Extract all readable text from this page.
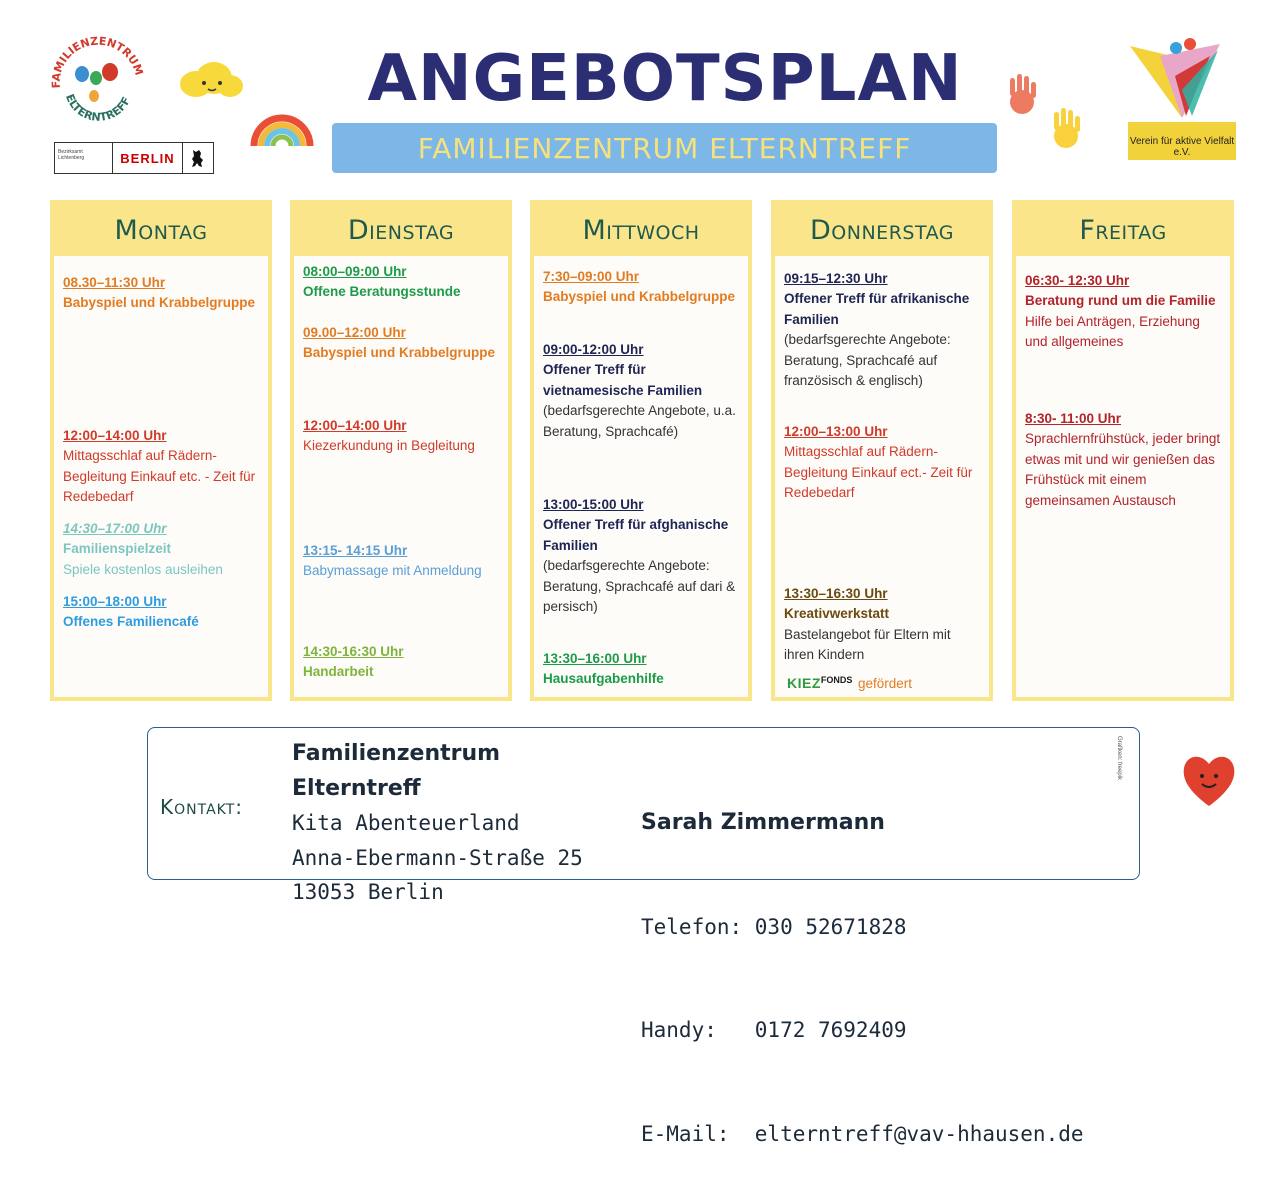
FAMILIENZENTRUM
ELTERNTREFF
Bezirksamt Lichtenberg	BERLIN
ANGEBOTSPLAN
FAMILIENZENTRUM ELTERNTREFF	Verein für aktive Vielfalt e.V.
Montag
08.30–11:30 Uhr
Babyspiel und Krabbelgruppe
12:00–14:00 Uhr
Mittagsschlaf auf Rädern-Begleitung Einkauf etc. - Zeit für Redebedarf
14:30–17:00 Uhr
Familienspielzeit
Spiele kostenlos ausleihen
15:00–18:00 Uhr
Offenes Familiencafé
Dienstag
08:00–09:00 Uhr
Offene Beratungsstunde
09.00–12:00 Uhr
Babyspiel und Krabbelgruppe
12:00–14:00 Uhr
Kiezerkundung in Begleitung
13:15- 14:15 Uhr
Babymassage mit Anmeldung
14:30-16:30 Uhr
Handarbeit
Mittwoch
7:30–09:00 Uhr
Babyspiel und Krabbelgruppe
09:00-12:00 Uhr
Offener Treff für vietnamesische Familien
(bedarfsgerechte Angebote, u.a. Beratung, Sprachcafé)
13:00-15:00 Uhr
Offener Treff für afghanische Familien
(bedarfsgerechte Angebote: Beratung, Sprachcafé auf dari & persisch)
13:30–16:00 Uhr
Hausaufgabenhilfe
Donnerstag
09:15–12:30 Uhr
Offener Treff für afrikanische Familien
(bedarfsgerechte Angebote: Beratung, Sprachcafé auf französisch & englisch)
12:00–13:00 Uhr
Mittagsschlaf auf Rädern-Begleitung Einkauf ect.- Zeit für Redebedarf
13:30–16:30 Uhr
Kreativwerkstatt
Bastelangebot für Eltern mit ihren Kindern
$KIEZ^{FONDS}$ gefördert
Freitag
06:30- 12:30 Uhr
Beratung rund um die Familie
Hilfe bei Anträgen, Erziehung und allgemeines
8:30- 11:00 Uhr
Sprachlernfrühstück, jeder bringt etwas mit und wir genießen das Frühstück mit einem gemeinsamen Austausch
Kontakt:
Familienzentrum Elterntreff
Kita Abenteuerland
Anna-Ebermann-Straße 25
13053 Berlin

Sarah Zimmermann

Telefon: 030 52671828

Handy:   0172 7692409

E-Mail:  elterntreff@vav-hhausen.de

Grafiken: freepik
